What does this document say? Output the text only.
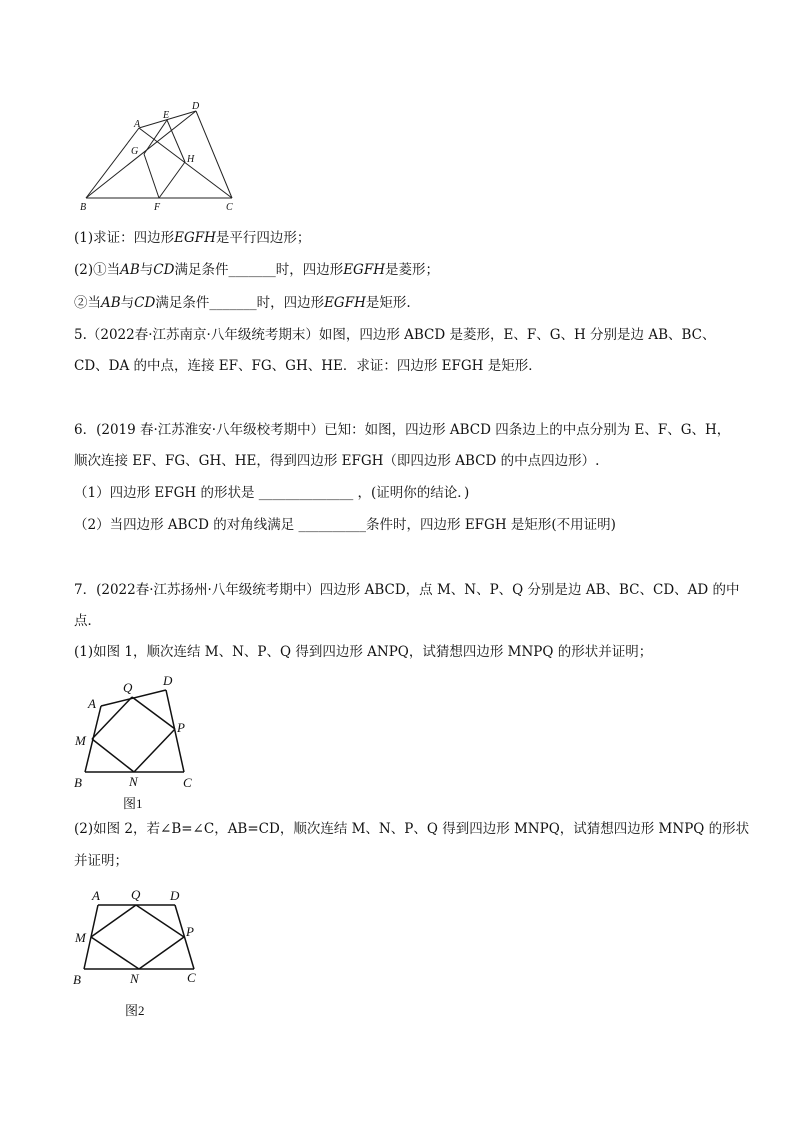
A
B	C
D
E
F
G
H
(1)求证：四边形𝐸𝐺𝐹𝐻是平行四边形；
(2)①当𝐴𝐵与𝐶𝐷满足条件_______时，四边形𝐸𝐺𝐹𝐻是菱形；
②当𝐴𝐵与𝐶𝐷满足条件_______时，四边形𝐸𝐺𝐹𝐻是矩形.
5.（2022春·江苏南京·八年级统考期末）如图，四边形 ABCD 是菱形，E、F、G、H 分别是边 AB、BC、
CD、DA 的中点，连接 EF、FG、GH、HE．求证：四边形 EFGH 是矩形．
6．(2019 春·江苏淮安·八年级校考期中）已知：如图，四边形 ABCD 四条边上的中点分别为 E、F、G、H，
顺次连接 EF、FG、GH、HE，得到四边形 EFGH（即四边形 ABCD 的中点四边形）.
（1）四边形 EFGH 的形状是 ______________ ，(证明你的结论．)
（2）当四边形 ABCD 的对角线满足 __________条件时，四边形 EFGH 是矩形(不用证明)
7．(2022春·江苏扬州·八年级统考期中）四边形 ABCD，点 M、N、P、Q 分别是边 AB、BC、CD、AD 的中
点．
(1)如图 1，顺次连结 M、N、P、Q 得到四边形 ANPQ，试猜想四边形 MNPQ 的形状并证明；
A
B	C
D
M
N
P
Q
图1
(2)如图 2，若∠B=∠C，AB=CD，顺次连结 M、N、P、Q 得到四边形 MNPQ，试猜想四边形 MNPQ 的形状
并证明；
A
B	C
D
M
N
P
Q
图2
